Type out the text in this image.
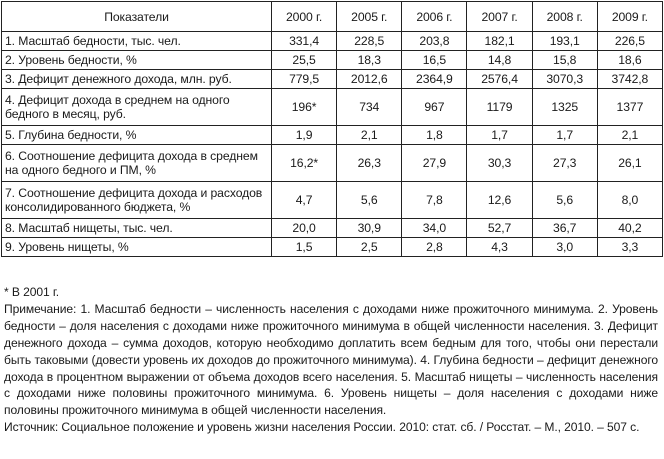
Показатели	2000 г.	2005 г.	2006 г.	2007 г.	2008 г.	2009 г.
1. Масштаб бедности, тыс. чел.	331,4	228,5	203,8	182,1	193,1	226,5
2. Уровень бедности, %	25,5	18,3	16,5	14,8	15,8	18,6
3. Дефицит денежного дохода, млн. руб.	779,5	2012,6	2364,9	2576,4	3070,3	3742,8
4. Дефицит дохода в среднем на одного бедного в месяц, руб.	196*	734	967	1179	1325	1377
5. Глубина бедности, %	1,9	2,1	1,8	1,7	1,7	2,1
6. Соотношение дефицита дохода в среднем на одного бедного и ПМ, %	16,2*	26,3	27,9	30,3	27,3	26,1
7. Соотношение дефицита дохода и расходов консолидированного бюджета, %	4,7	5,6	7,8	12,6	5,6	8,0
8. Масштаб нищеты, тыс. чел.	20,0	30,9	34,0	52,7	36,7	40,2
9. Уровень нищеты, %	1,5	2,5	2,8	4,3	3,0	3,3

* В 2001 г.

Примечание: 1. Масштаб бедности – численность населения с доходами ниже прожиточного минимума. 2. Уровень бедности – доля населения с доходами ниже прожиточного минимума в общей численности населения. 3. Дефицит денежного дохода – сумма доходов, которую необходимо доплатить всем бедным для того, чтобы они перестали быть таковыми (довести уровень их доходов до прожиточного минимума). 4. Глубина бедности – дефицит денежного дохода в процентном выражении от объема доходов всего населения. 5. Масштаб нищеты – численность населения с доходами ниже половины прожиточного минимума. 6. Уровень нищеты – доля населения с доходами ниже половины прожиточного минимума в общей численности населения.

Источник: Социальное положение и уровень жизни населения России. 2010: стат. сб. / Росстат. – М., 2010. – 507 с.
